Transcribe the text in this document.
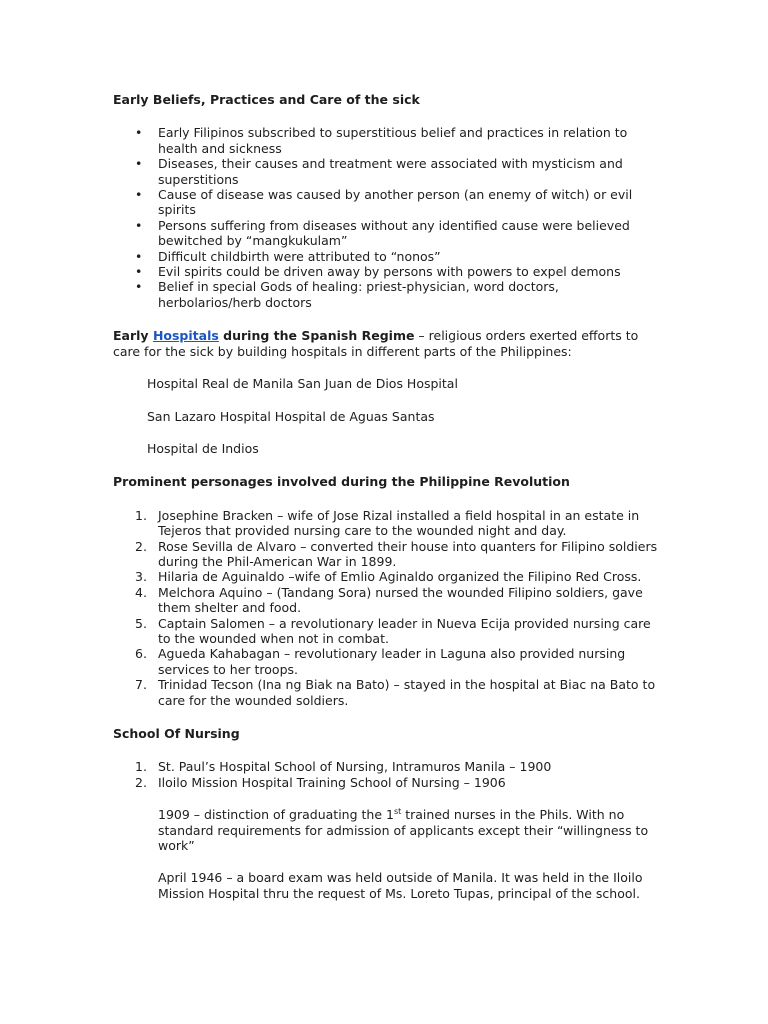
Early Beliefs, Practices and Care of the sick
• Early Filipinos subscribed to superstitious belief and practices in relation to health and sickness
• Diseases, their causes and treatment were associated with mysticism and superstitions
• Cause of disease was caused by another person (an enemy of witch) or evil spirits
• Persons suffering from diseases without any identified cause were believed bewitched by “mangkukulam”
• Difficult childbirth were attributed to “nonos”
• Evil spirits could be driven away by persons with powers to expel demons
• Belief in special Gods of healing: priest-physician, word doctors, herbolarios/herb doctors

Early Hospitals during the Spanish Regime – religious orders exerted efforts to care for the sick by building hospitals in different parts of the Philippines:

Hospital Real de Manila San Juan de Dios Hospital

San Lazaro Hospital Hospital de Aguas Santas

Hospital de Indios

Prominent personages involved during the Philippine Revolution
1. Josephine Bracken – wife of Jose Rizal installed a field hospital in an estate in Tejeros that provided nursing care to the wounded night and day.
2. Rose Sevilla de Alvaro – converted their house into quanters for Filipino soldiers during the Phil-American War in 1899.
3. Hilaria de Aguinaldo –wife of Emlio Aginaldo organized the Filipino Red Cross.
4. Melchora Aquino – (Tandang Sora) nursed the wounded Filipino soldiers, gave them shelter and food.
5. Captain Salomen – a revolutionary leader in Nueva Ecija provided nursing care to the wounded when not in combat.
6. Agueda Kahabagan – revolutionary leader in Laguna also provided nursing services to her troops.
7. Trinidad Tecson (Ina ng Biak na Bato) – stayed in the hospital at Biac na Bato to care for the wounded soldiers.
School Of Nursing
1. St. Paul’s Hospital School of Nursing, Intramuros Manila – 1900
2. Iloilo Mission Hospital Training School of Nursing – 1906

1909 – distinction of graduating the 1st trained nurses in the Phils. With no standard requirements for admission of applicants except their “willingness to work”

April 1946 – a board exam was held outside of Manila. It was held in the Iloilo Mission Hospital thru the request of Ms. Loreto Tupas, principal of the school.
